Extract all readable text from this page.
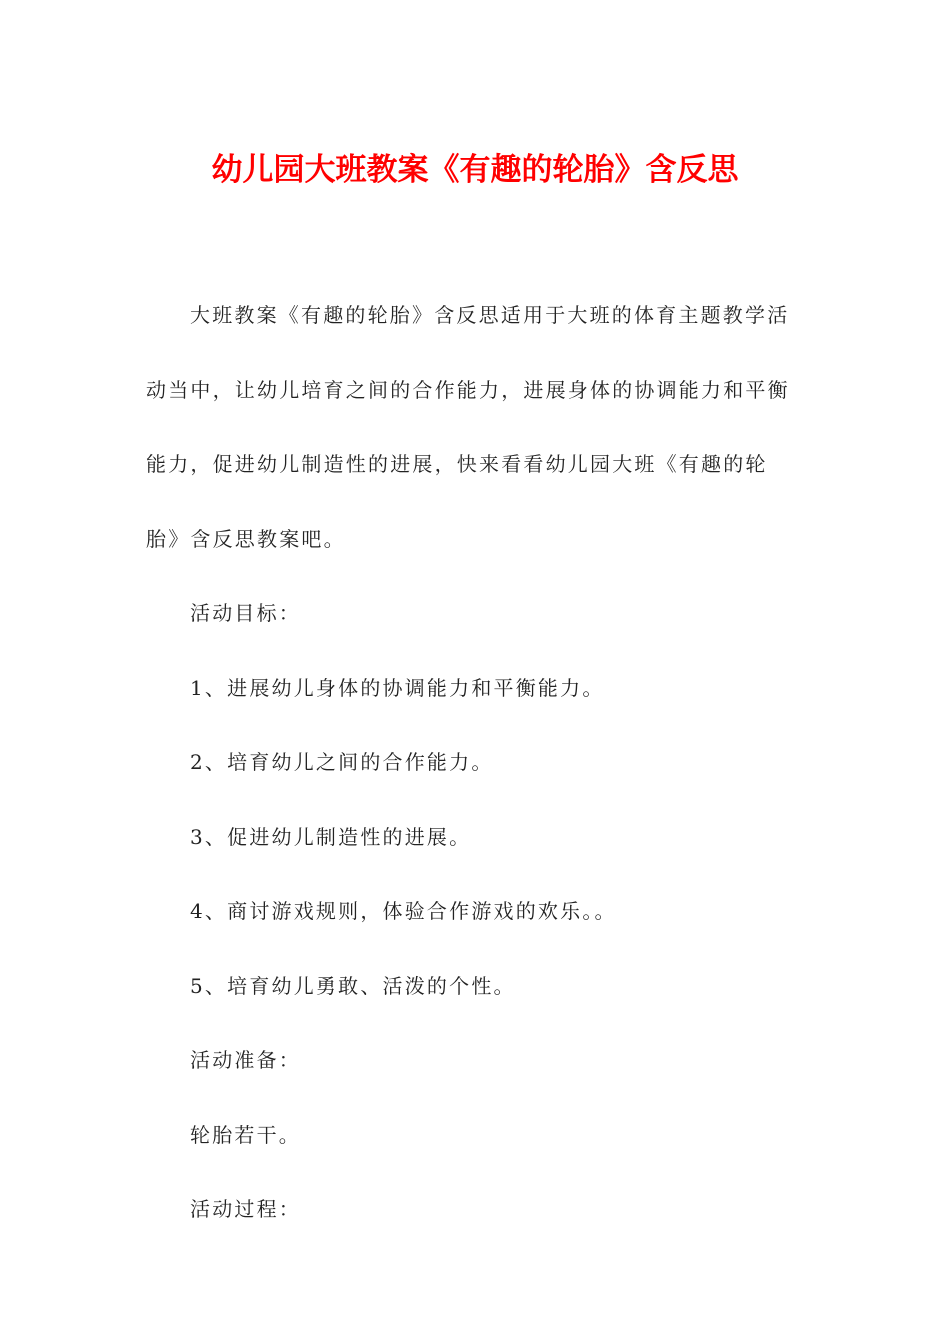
幼儿园大班教案《有趣的轮胎》含反思
大班教案《有趣的轮胎》含反思适用于大班的体育主题教学活
动当中，让幼儿培育之间的合作能力，进展身体的协调能力和平衡
能力，促进幼儿制造性的进展，快来看看幼儿园大班《有趣的轮
胎》含反思教案吧。
活动目标：
1、进展幼儿身体的协调能力和平衡能力。
2、培育幼儿之间的合作能力。
3、促进幼儿制造性的进展。
4、商讨游戏规则，体验合作游戏的欢乐。。
5、培育幼儿勇敢、活泼的个性。
活动准备：
轮胎若干。
活动过程：
